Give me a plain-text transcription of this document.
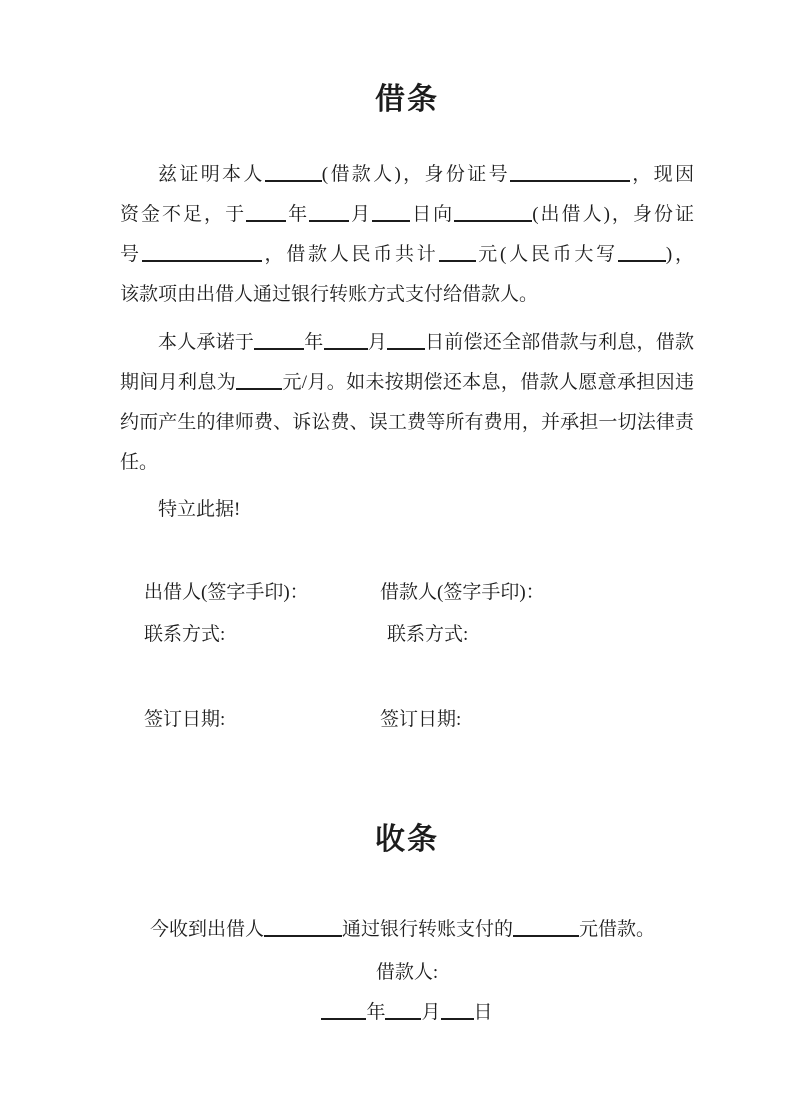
借条
兹证明本人	(借款人)，身份证号	，现因
资金不足，于 年 月 日向	(出借人)，身份证
号	，借款人民币共计 元(人民币大写	)，
该款项由出借人通过银行转账方式支付给借款人。
本人承诺于	年 月 日前偿还全部借款与利息，借款
期间月利息为 元/月。如未按期偿还本息，借款人愿意承担因违
约而产生的律师费、诉讼费、误工费等所有费用，并承担一切法律责
任。
特立此据!
出借人(签字手印)：	借款人(签字手印)：
联系方式:	联系方式:
签订日期:	签订日期:
收条
今收到出借人	通过银行转账支付的	元借款。
借款人:
年 月 日
